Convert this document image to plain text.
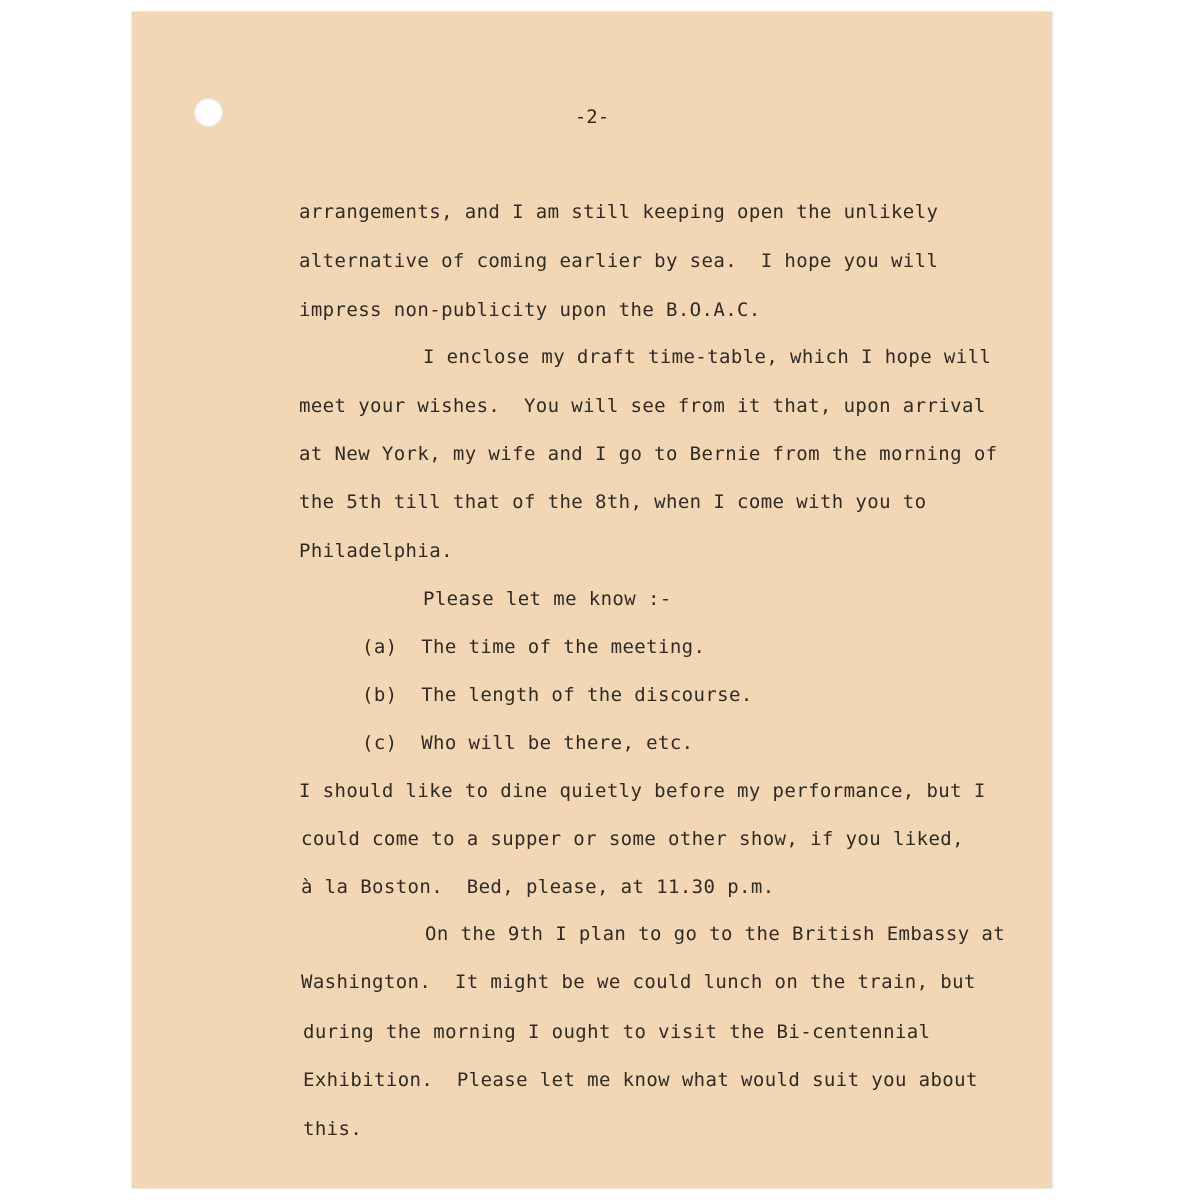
-2-
arrangements, and I am still keeping open the unlikely
alternative of coming earlier by sea.  I hope you will
impress non-publicity upon the B.O.A.C.
I enclose my draft time-table, which I hope will
meet your wishes.  You will see from it that, upon arrival
at New York, my wife and I go to Bernie from the morning of
the 5th till that of the 8th, when I come with you to
Philadelphia.
Please let me know :-
(a)  The time of the meeting.
(b)  The length of the discourse.
(c)  Who will be there, etc.
I should like to dine quietly before my performance, but I
could come to a supper or some other show, if you liked,
à la Boston.  Bed, please, at 11.30 p.m.
On the 9th I plan to go to the British Embassy at
Washington.  It might be we could lunch on the train, but
during the morning I ought to visit the Bi-centennial
Exhibition.  Please let me know what would suit you about
this.
